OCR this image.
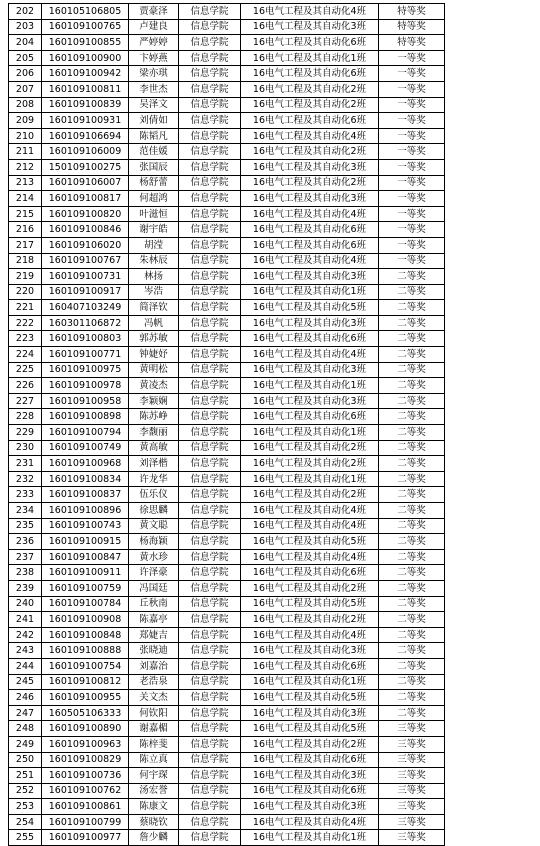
202	160105106805	贾豪泽	信息学院	16电气工程及其自动化4班	特等奖	
203	160109100765	卢建良	信息学院	16电气工程及其自动化3班	特等奖	
204	160109100855	严婷婷	信息学院	16电气工程及其自动化6班	特等奖	
205	160109100900	卞婷燕	信息学院	16电气工程及其自动化1班	一等奖	
206	160109100942	梁亦琪	信息学院	16电气工程及其自动化6班	一等奖	
207	160109100811	李世杰	信息学院	16电气工程及其自动化2班	一等奖	
208	160109100839	吴泽文	信息学院	16电气工程及其自动化2班	一等奖	
209	160109100931	刘倩如	信息学院	16电气工程及其自动化6班	一等奖	
210	160109106694	陈韬凡	信息学院	16电气工程及其自动化4班	一等奖	
211	160109106009	范佳媛	信息学院	16电气工程及其自动化2班	一等奖	
212	150109100275	张国辰	信息学院	16电气工程及其自动化3班	一等奖	
213	160109106007	杨舒蕾	信息学院	16电气工程及其自动化2班	一等奖	
214	160109100817	何超鸿	信息学院	16电气工程及其自动化3班	一等奖	
215	160109100820	叶滋恒	信息学院	16电气工程及其自动化4班	一等奖	
216	160109100846	谢宇皓	信息学院	16电气工程及其自动化6班	一等奖	
217	160109106020	胡滢	信息学院	16电气工程及其自动化6班	一等奖	
218	160109100767	朱林辰	信息学院	16电气工程及其自动化4班	一等奖	
219	160109100731	林扬	信息学院	16电气工程及其自动化3班	二等奖	
220	160109100917	岑浩	信息学院	16电气工程及其自动化1班	二等奖	
221	160407103249	简泽钦	信息学院	16电气工程及其自动化5班	二等奖	
222	160301106872	冯帆	信息学院	16电气工程及其自动化3班	二等奖	
223	160109100803	郭苏敏	信息学院	16电气工程及其自动化6班	二等奖	
224	160109100771	钟婕妤	信息学院	16电气工程及其自动化4班	二等奖	
225	160109100975	黄明松	信息学院	16电气工程及其自动化3班	二等奖	
226	160109100978	黄凌杰	信息学院	16电气工程及其自动化1班	二等奖	
227	160109100958	李颖娴	信息学院	16电气工程及其自动化3班	二等奖	
228	160109100898	陈苏峥	信息学院	16电气工程及其自动化6班	二等奖	
229	160109100794	李馥丽	信息学院	16电气工程及其自动化1班	二等奖	
230	160109100749	黄高敏	信息学院	16电气工程及其自动化2班	二等奖	
231	160109100968	刘泽楷	信息学院	16电气工程及其自动化2班	二等奖	
232	160109100834	许龙华	信息学院	16电气工程及其自动化1班	二等奖	
233	160109100837	伍乐仪	信息学院	16电气工程及其自动化2班	二等奖	
234	160109100896	徐思麟	信息学院	16电气工程及其自动化4班	二等奖	
235	160109100743	黄文聪	信息学院	16电气工程及其自动化4班	二等奖	
236	160109100915	杨海颖	信息学院	16电气工程及其自动化5班	二等奖	
237	160109100847	黄水珍	信息学院	16电气工程及其自动化4班	二等奖	
238	160109100911	许泽豪	信息学院	16电气工程及其自动化6班	二等奖	
239	160109100759	冯国廷	信息学院	16电气工程及其自动化2班	二等奖	
240	160109100784	丘秋南	信息学院	16电气工程及其自动化5班	二等奖	
241	160109100908	陈嘉亭	信息学院	16电气工程及其自动化2班	二等奖	
242	160109100848	郑婕吉	信息学院	16电气工程及其自动化4班	二等奖	
243	160109100888	张晓迪	信息学院	16电气工程及其自动化3班	二等奖	
244	160109100754	刘嘉治	信息学院	16电气工程及其自动化6班	二等奖	
245	160109100812	老浩泉	信息学院	16电气工程及其自动化1班	二等奖	
246	160109100955	关文杰	信息学院	16电气工程及其自动化5班	二等奖	
247	160505106333	何钦阳	信息学院	16电气工程及其自动化3班	二等奖	
248	160109100890	谢嘉楣	信息学院	16电气工程及其自动化5班	三等奖	
249	160109100963	陈梓斐	信息学院	16电气工程及其自动化2班	三等奖	
250	160109100829	陈立真	信息学院	16电气工程及其自动化6班	三等奖	
251	160109100736	何宇琛	信息学院	16电气工程及其自动化3班	三等奖	
252	160109100762	汤宏誉	信息学院	16电气工程及其自动化6班	三等奖	
253	160109100861	陈康文	信息学院	16电气工程及其自动化3班	三等奖	
254	160109100799	蔡晓钦	信息学院	16电气工程及其自动化4班	三等奖	
255	160109100977	詹少麟	信息学院	16电气工程及其自动化1班	三等奖	
